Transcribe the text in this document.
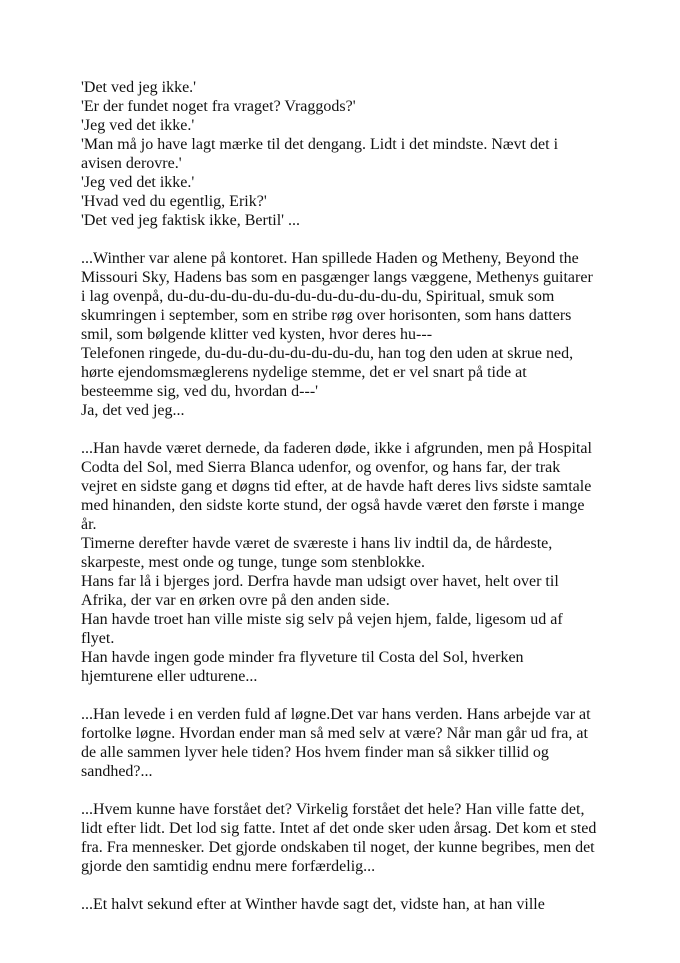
'Det ved jeg ikke.'
'Er der fundet noget fra vraget? Vraggods?'
'Jeg ved det ikke.'
'Man må jo have lagt mærke til det dengang. Lidt i det mindste. Nævt det i
avisen derovre.'
'Jeg ved det ikke.'
'Hvad ved du egentlig, Erik?'
'Det ved jeg faktisk ikke, Bertil' ...
...Winther var alene på kontoret. Han spillede Haden og Metheny, Beyond the
Missouri Sky, Hadens bas som en pasgænger langs væggene, Methenys guitarer
i lag ovenpå, du-du-du-du-du-du-du-du-du-du-du-du, Spiritual, smuk som
skumringen i september, som en stribe røg over horisonten, som hans datters
smil, som bølgende klitter ved kysten, hvor deres hu---
Telefonen ringede, du-du-du-du-du-du-du-du, han tog den uden at skrue ned,
hørte ejendomsmæglerens nydelige stemme, det er vel snart på tide at
besteemme sig, ved du, hvordan d---'
Ja, det ved jeg...
...Han havde været dernede, da faderen døde, ikke i afgrunden, men på Hospital
Codta del Sol, med Sierra Blanca udenfor, og ovenfor, og hans far, der trak
vejret en sidste gang et døgns tid efter, at de havde haft deres livs sidste samtale
med hinanden, den sidste korte stund, der også havde været den første i mange
år.
Timerne derefter havde været de sværeste i hans liv indtil da, de hårdeste,
skarpeste, mest onde og tunge, tunge som stenblokke.
Hans far lå i bjerges jord. Derfra havde man udsigt over havet, helt over til
Afrika, der var en ørken ovre på den anden side.
Han havde troet han ville miste sig selv på vejen hjem, falde, ligesom ud af
flyet.
Han havde ingen gode minder fra flyveture til Costa del Sol, hverken
hjemturene eller udturene...
...Han levede i en verden fuld af løgne.Det var hans verden. Hans arbejde var at
fortolke løgne. Hvordan ender man så med selv at være? Når man går ud fra, at
de alle sammen lyver hele tiden? Hos hvem finder man så sikker tillid og
sandhed?...
...Hvem kunne have forstået det? Virkelig forstået det hele? Han ville fatte det,
lidt efter lidt. Det lod sig fatte. Intet af det onde sker uden årsag. Det kom et sted
fra. Fra mennesker. Det gjorde ondskaben til noget, der kunne begribes, men det
gjorde den samtidig endnu mere forfærdelig...
...Et halvt sekund efter at Winther havde sagt det, vidste han, at han ville
